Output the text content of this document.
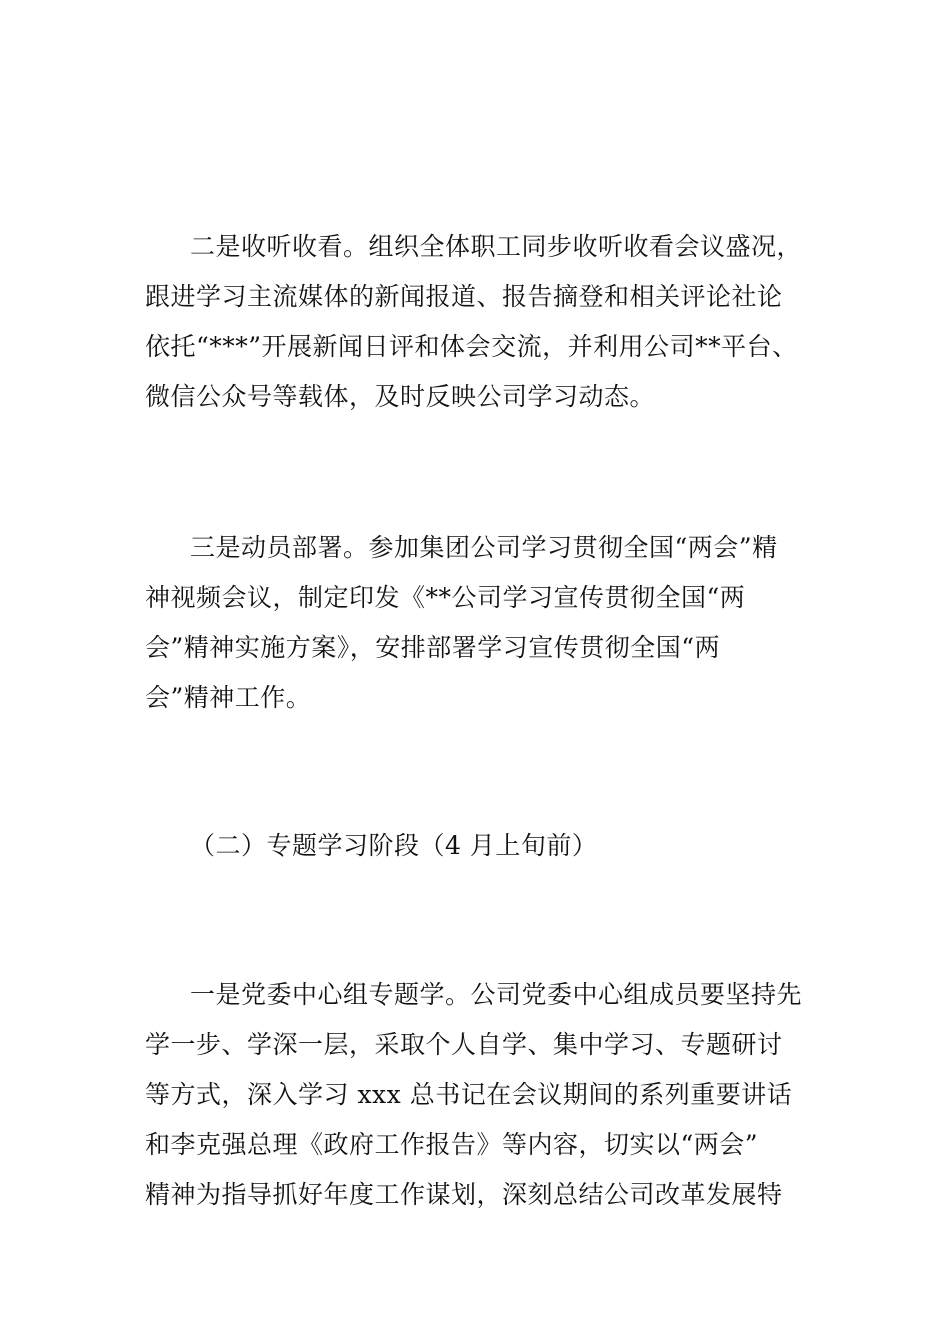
二是收听收看。组织全体职工同步收听收看会议盛况，
跟进学习主流媒体的新闻报道、报告摘登和相关评论社论
依托“***”开展新闻日评和体会交流，并利用公司**平台、
微信公众号等载体，及时反映公司学习动态。
三是动员部署。参加集团公司学习贯彻全国“两会”精
神视频会议，制定印发《**公司学习宣传贯彻全国“两
会”精神实施方案》，安排部署学习宣传贯彻全国“两
会”精神工作。
（二）专题学习阶段（4 月上旬前）
一是党委中心组专题学。公司党委中心组成员要坚持先
学一步、学深一层，采取个人自学、集中学习、专题研讨
等方式，深入学习 xxx 总书记在会议期间的系列重要讲话
和李克强总理《政府工作报告》等内容，切实以“两会”
精神为指导抓好年度工作谋划，深刻总结公司改革发展特
